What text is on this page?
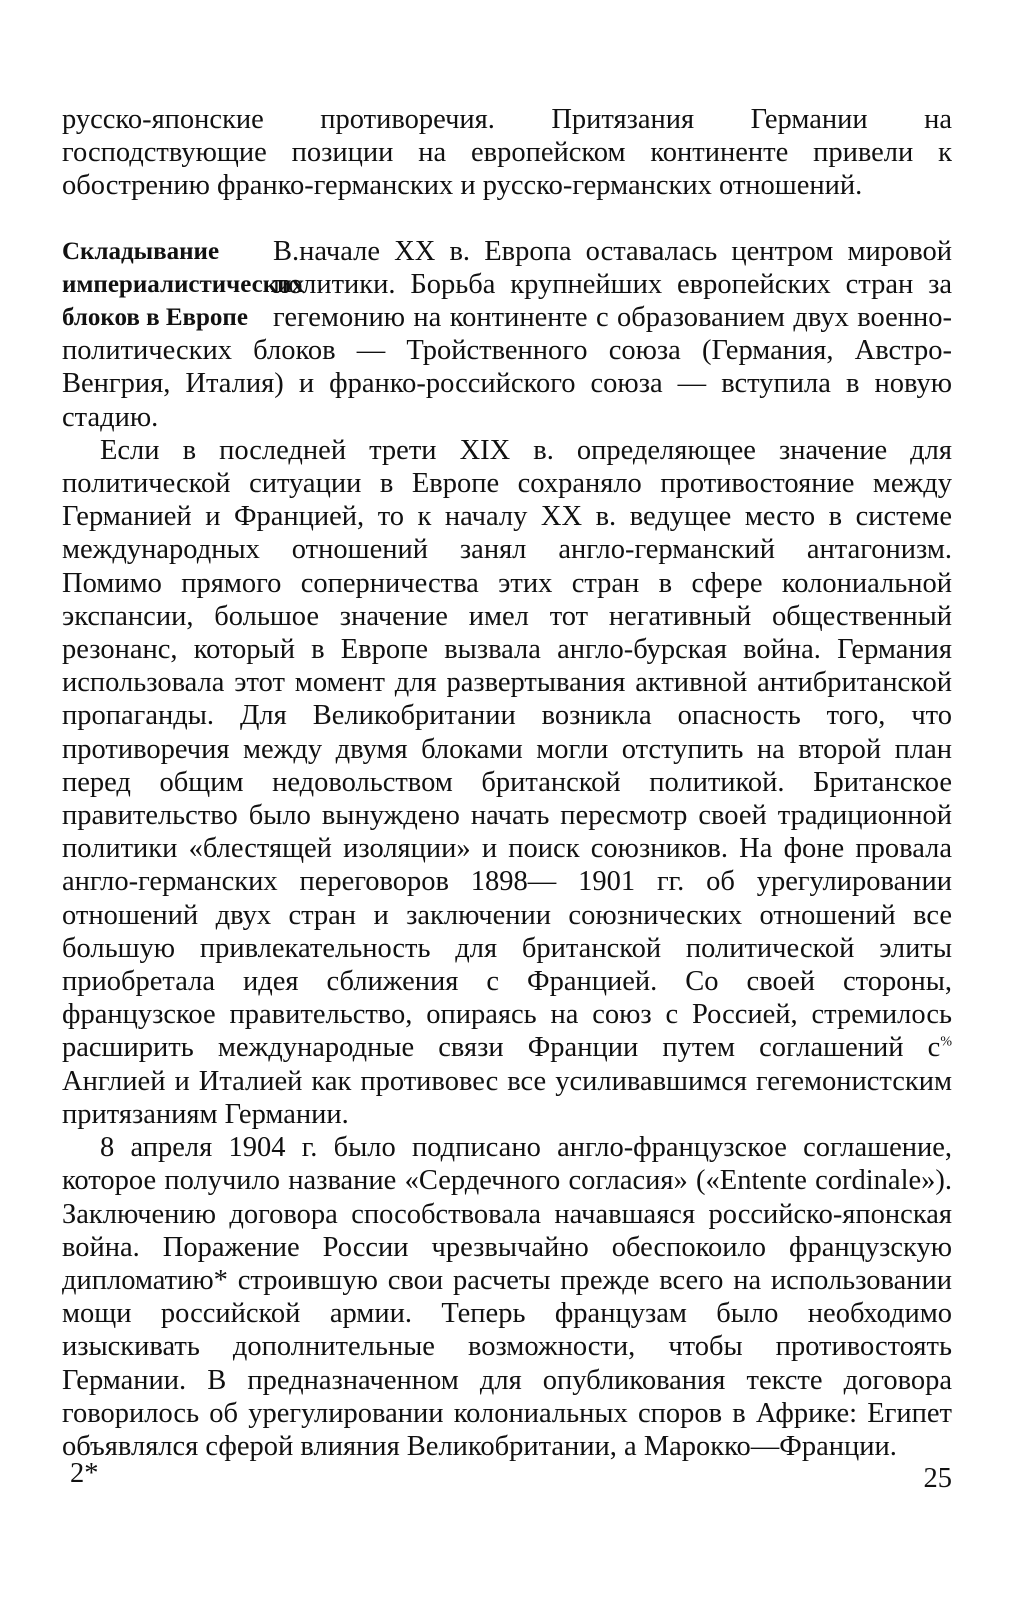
русско-японские противоречия. Притязания Германии на господствующие позиции на европейском континенте привели к обострению франко-германских и русско-германских отношений.

Складывание империалистических блоков в Европе

В.начале XX в. Европа оставалась центром мировой политики. Борьба крупнейших европейских стран за гегемонию на континенте с образованием двух военно-политических блоков — Тройственного союза (Германия, Австро-Венгрия, Италия) и франко-российского союза — вступила в новую стадию.

Если в последней трети XIX в. определяющее значение для политической ситуации в Европе сохраняло противостояние между Германией и Францией, то к началу XX в. ведущее место в системе международных отношений занял англо-германский антагонизм. Помимо прямого соперничества этих стран в сфере колониальной экспансии, большое значение имел тот негативный общественный резонанс, который в Европе вызвала англо-бурская война. Германия использовала этот момент для развертывания активной антибританской пропаганды. Для Великобритании возникла опасность того, что противоречия между двумя блоками могли отступить на второй план перед общим недовольством британской политикой. Британское правительство было вынуждено начать пересмотр своей традиционной политики «блестящей изоляции» и поиск союзников. На фоне провала англо-германских переговоров 1898— 1901 гг. об урегулировании отношений двух стран и заключении союзнических отношений все большую привлекательность для британской политической элиты приобретала идея сближения с Францией. Со своей стороны, французское правительство, опираясь на союз с Россией, стремилось расширить международные связи Франции путем соглашений с% Англией и Италией как противовес все усиливавшимся гегемонистским притязаниям Германии.

8 апреля 1904 г. было подписано англо-французское соглашение, которое получило название «Сердечного согласия» («Entente cordinale»). Заключению договора способствовала начавшаяся российско-японская война. Поражение России чрезвычайно обеспокоило французскую дипломатию* строившую свои расчеты прежде всего на использовании мощи российской армии. Теперь французам было необходимо изыскивать дополнительные возможности, чтобы противостоять Германии. В предназначенном для опубликования тексте договора говорилось об урегулировании колониальных споров в Африке: Египет объявлялся сферой влияния Великобритании, а Марокко—Франции.

2*	25
